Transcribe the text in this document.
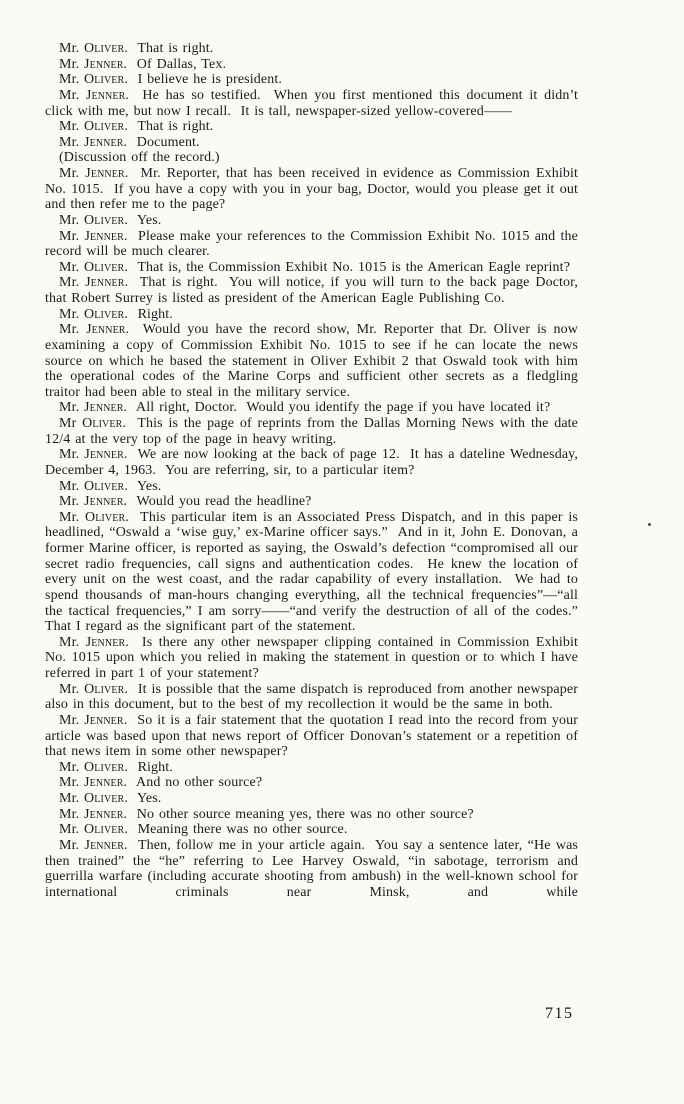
Mr. Oliver.  That is right.

Mr. Jenner.  Of Dallas, Tex.

Mr. Oliver.  I believe he is president.

Mr. Jenner.  He has so testified.  When you first mentioned this document it didn’t click with me, but now I recall.  It is tall, newspaper-sized yellow-covered——

Mr. Oliver.  That is right.

Mr. Jenner.  Document.

(Discussion off the record.)

Mr. Jenner.  Mr. Reporter, that has been received in evidence as Commission Exhibit No. 1015.  If you have a copy with you in your bag, Doctor, would you please get it out and then refer me to the page?

Mr. Oliver.  Yes.

Mr. Jenner.  Please make your references to the Commission Exhibit No. 1015 and the record will be much clearer.

Mr. Oliver.  That is, the Commission Exhibit No. 1015 is the American Eagle reprint?

Mr. Jenner.  That is right.  You will notice, if you will turn to the back page Doctor, that Robert Surrey is listed as president of the American Eagle Publishing Co.

Mr. Oliver.  Right.

Mr. Jenner.  Would you have the record show, Mr. Reporter that Dr. Oliver is now examining a copy of Commission Exhibit No. 1015 to see if he can locate the news source on which he based the statement in Oliver Exhibit 2 that Oswald took with him the operational codes of the Marine Corps and sufficient other secrets as a fledgling traitor had been able to steal in the military service.

Mr. Jenner.  All right, Doctor.  Would you identify the page if you have located it?

Mr Oliver.  This is the page of reprints from the Dallas Morning News with the date 12/4 at the very top of the page in heavy writing.

Mr. Jenner.  We are now looking at the back of page 12.  It has a dateline Wednesday, December 4, 1963.  You are referring, sir, to a particular item?

Mr. Oliver.  Yes.

Mr. Jenner.  Would you read the headline?

Mr. Oliver.  This particular item is an Associated Press Dispatch, and in this paper is headlined, “Oswald a ‘wise guy,’ ex-Marine officer says.”  And in it, John E. Donovan, a former Marine officer, is reported as saying, the Oswald’s defection “compromised all our secret radio frequencies, call signs and authentication codes.  He knew the location of every unit on the west coast, and the radar capability of every installation.  We had to spend thousands of man-hours changing everything, all the technical frequencies”—“all the tactical frequencies,” I am sorry——“and verify the destruction of all of the codes.”  That I regard as the significant part of the statement.

Mr. Jenner.  Is there any other newspaper clipping contained in Commission Exhibit No. 1015 upon which you relied in making the statement in question or to which I have referred in part 1 of your statement?

Mr. Oliver.  It is possible that the same dispatch is reproduced from another newspaper also in this document, but to the best of my recollection it would be the same in both.

Mr. Jenner.  So it is a fair statement that the quotation I read into the record from your article was based upon that news report of Officer Donovan’s statement or a repetition of that news item in some other newspaper?

Mr. Oliver.  Right.

Mr. Jenner.  And no other source?

Mr. Oliver.  Yes.

Mr. Jenner.  No other source meaning yes, there was no other source?

Mr. Oliver.  Meaning there was no other source.

Mr. Jenner.  Then, follow me in your article again.  You say a sentence later, “He was then trained” the “he” referring to Lee Harvey Oswald, “in sabotage, terrorism and guerrilla warfare (including accurate shooting from ambush) in the well-known school for international criminals near Minsk, and while

715
